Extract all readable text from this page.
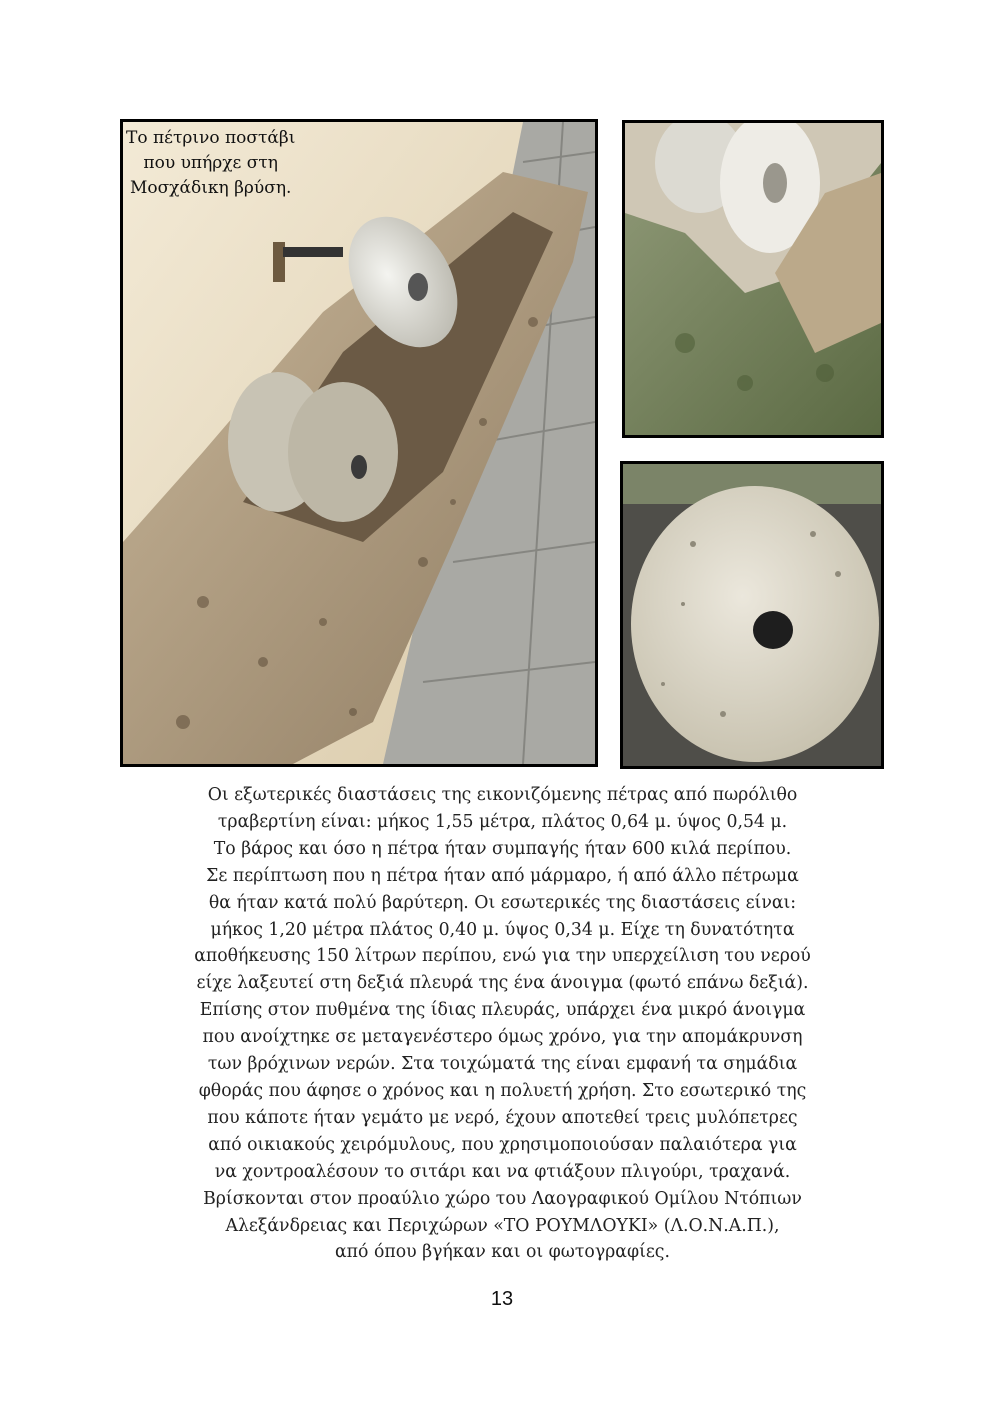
Το πέτρινο ποστάβι
που υπήρχε στη
Μοσχάδικη βρύση.
Οι εξωτερικές διαστάσεις της εικονιζόμενης πέτρας από πωρόλιθο
τραβερτίνη είναι: μήκος 1,55 μέτρα, πλάτος 0,64 μ. ύψος 0,54 μ.
Το βάρος και όσο η πέτρα ήταν συμπαγής ήταν 600 κιλά περίπου.
Σε περίπτωση που η πέτρα ήταν από μάρμαρο, ή από άλλο πέτρωμα
θα ήταν κατά πολύ βαρύτερη. Οι εσωτερικές της διαστάσεις είναι:
μήκος 1,20 μέτρα πλάτος 0,40 μ. ύψος 0,34 μ. Είχε τη δυνατότητα
αποθήκευσης 150 λίτρων περίπου, ενώ για την υπερχείλιση του νερού
είχε λαξευτεί στη δεξιά πλευρά της ένα άνοιγμα (φωτό επάνω δεξιά).
Επίσης στον πυθμένα της ίδιας πλευράς, υπάρχει ένα μικρό άνοιγμα
που ανοίχτηκε σε μεταγενέστερο όμως χρόνο, για την απομάκρυνση
των βρόχινων νερών. Στα τοιχώματά της είναι εμφανή τα σημάδια
φθοράς που άφησε ο χρόνος και η πολυετή χρήση. Στο εσωτερικό της
που κάποτε ήταν γεμάτο με νερό, έχουν αποτεθεί τρεις μυλόπετρες
από οικιακούς χειρόμυλους, που χρησιμοποιούσαν παλαιότερα για
να χοντροαλέσουν το σιτάρι και να φτιάξουν πλιγούρι, τραχανά.
Βρίσκονται στον προαύλιο χώρο του Λαογραφικού Ομίλου Ντόπιων
Αλεξάνδρειας και Περιχώρων «ΤΟ ΡΟΥΜΛΟΥΚΙ» (Λ.Ο.Ν.Α.Π.),
από όπου βγήκαν και οι φωτογραφίες.
13
